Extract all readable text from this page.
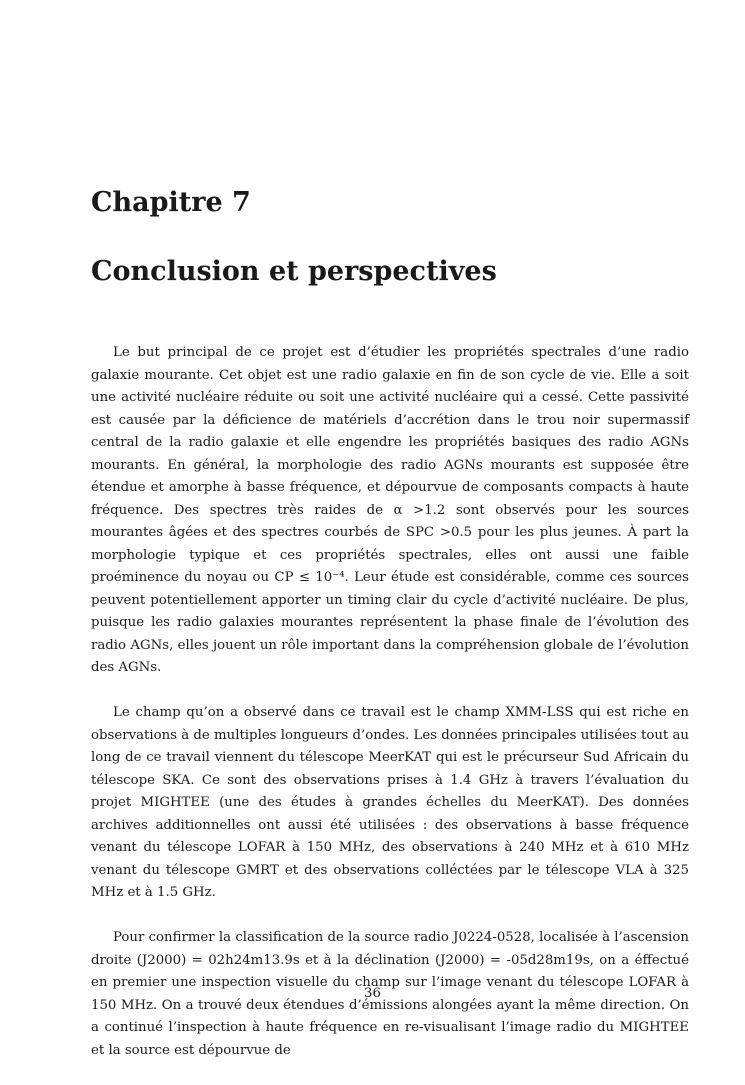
Chapitre 7
Conclusion et perspectives

Le but principal de ce projet est d’étudier les propriétés spectrales d’une radio galaxie mourante. Cet objet est une radio galaxie en fin de son cycle de vie. Elle a soit une activité nucléaire réduite ou soit une activité nucléaire qui a cessé. Cette passivité est causée par la déficience de matériels d’accrétion dans le trou noir supermassif central de la radio galaxie et elle engendre les propriétés basiques des radio AGNs mourants. En général, la morphologie des radio AGNs mourants est supposée être étendue et amorphe à basse fréquence, et dépourvue de composants compacts à haute fréquence. Des spectres très raides de α >1.2 sont observés pour les sources mourantes âgées et des spectres courbés de SPC >0.5 pour les plus jeunes. À part la morphologie typique et ces propriétés spectrales, elles ont aussi une faible proéminence du noyau ou CP ≤ 10⁻⁴. Leur étude est considérable, comme ces sources peuvent potentiellement apporter un timing clair du cycle d’activité nucléaire. De plus, puisque les radio galaxies mourantes représentent la phase finale de l’évolution des radio AGNs, elles jouent un rôle important dans la compréhension globale de l’évolution des AGNs.

Le champ qu’on a observé dans ce travail est le champ XMM-LSS qui est riche en observations à de multiples longueurs d’ondes. Les données principales utilisées tout au long de ce travail viennent du télescope MeerKAT qui est le précurseur Sud Africain du télescope SKA. Ce sont des observations prises à 1.4 GHz à travers l’évaluation du projet MIGHTEE (une des études à grandes échelles du MeerKAT). Des données archives additionnelles ont aussi été utilisées : des observations à basse fréquence venant du télescope LOFAR à 150 MHz, des observations à 240 MHz et à 610 MHz venant du télescope GMRT et des observations colléctées par le télescope VLA à 325 MHz et à 1.5 GHz.

Pour confirmer la classification de la source radio J0224-0528, localisée à l’ascension droite (J2000) = 02h24m13.9s et à la déclination (J2000) = -05d28m19s, on a éffectué en premier une inspection visuelle du champ sur l’image venant du télescope LOFAR à 150 MHz. On a trouvé deux étendues d’émissions alongées ayant la même direction. On a continué l’inspection à haute fréquence en re-visualisant l’image radio du MIGHTEE et la source est dépourvue de

36
